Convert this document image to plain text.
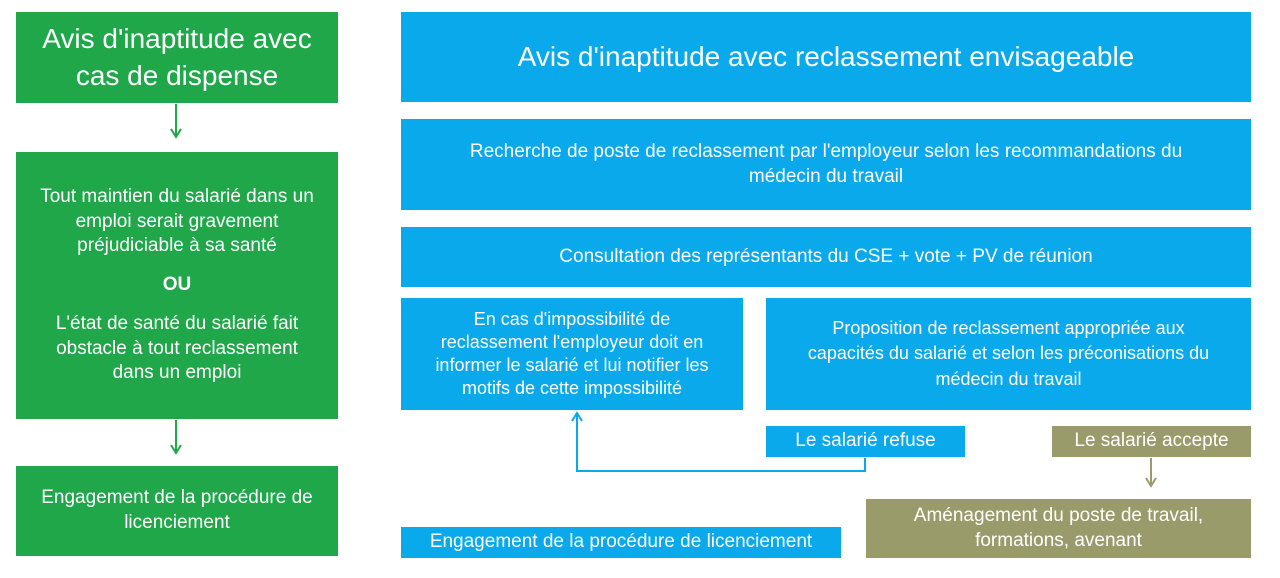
Avis d'inaptitude avec
cas de dispense
Tout maintien du salarié dans un
emploi serait gravement
préjudiciable à sa santé
OU
L'état de santé du salarié fait
obstacle à tout reclassement
dans un emploi
Engagement de la procédure de
licenciement
Avis d'inaptitude avec reclassement envisageable
Recherche de poste de reclassement par l'employeur selon les recommandations du
médecin du travail
Consultation des représentants du CSE + vote + PV de réunion
En cas d'impossibilité de
reclassement l'employeur doit en
informer le salarié et lui notifier les
motifs de cette impossibilité
Proposition de reclassement appropriée aux
capacités du salarié et selon les préconisations du
médecin du travail
Le salarié refuse	Le salarié accepte
Aménagement du poste de travail,
formations, avenant
Engagement de la procédure de licenciement
